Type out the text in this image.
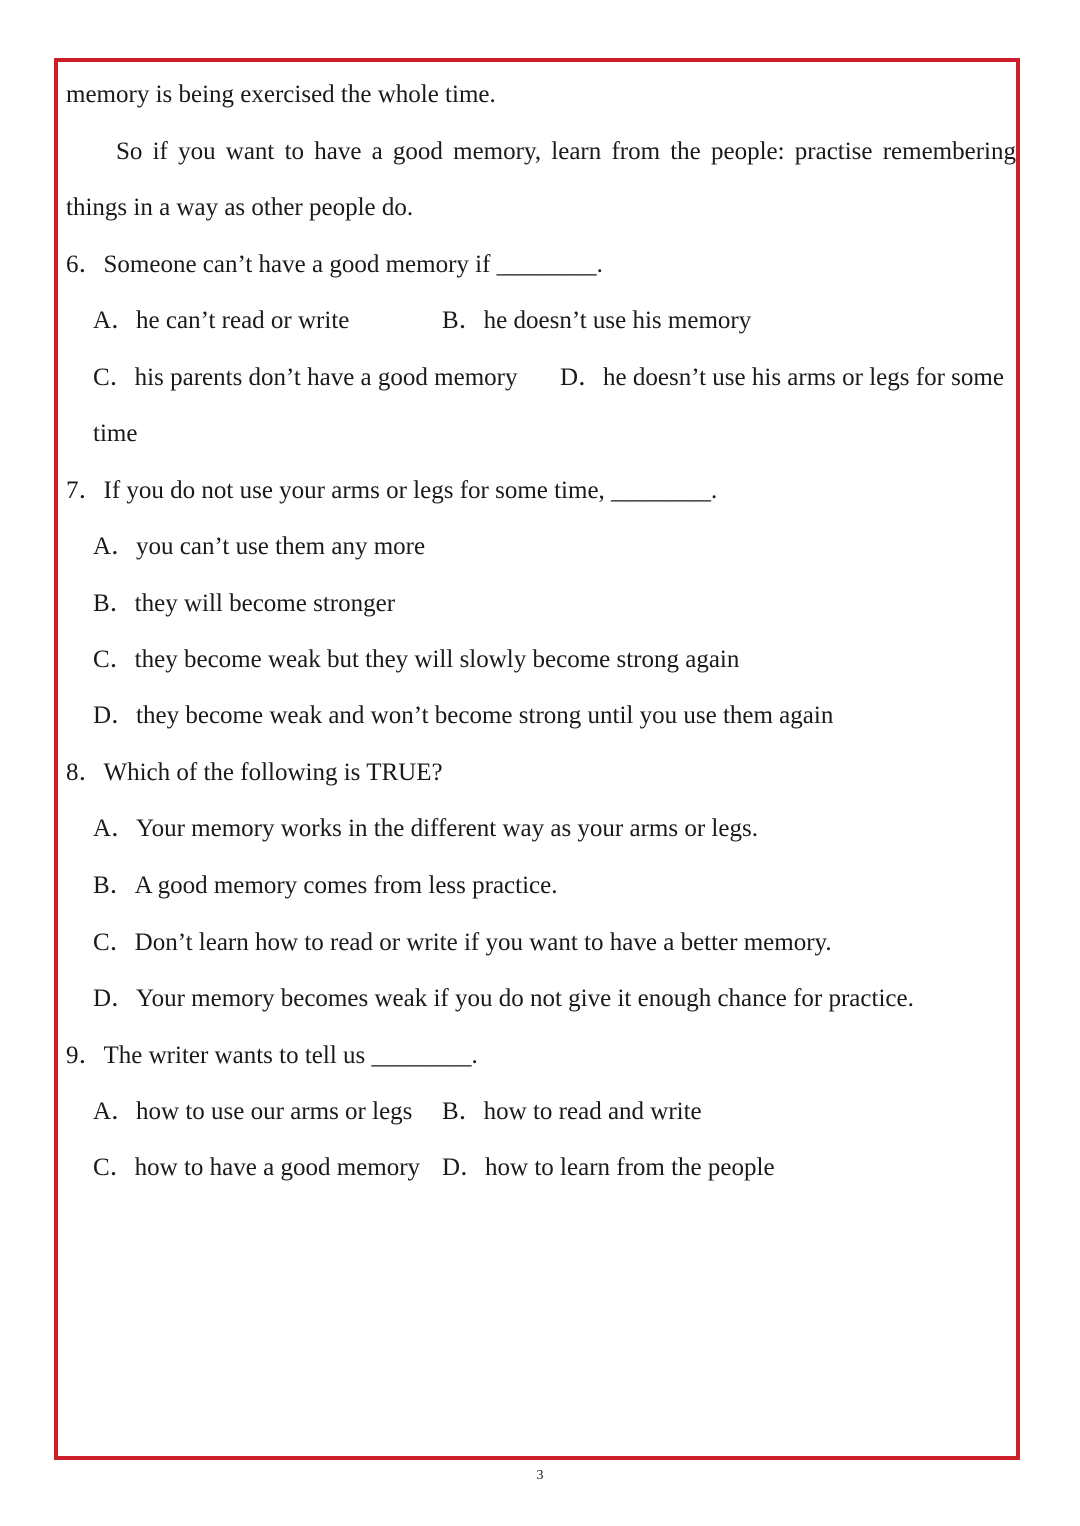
memory is being exercised the whole time.
So if you want to have a good memory, learn from the people: practise remembering
things in a way as other people do.
6．Someone can’t have a good memory if ________.
A．he can’t read or write	B．he doesn’t use his memory
C．his parents don’t have a good memory D．he doesn’t use his arms or legs for some
time
7．If you do not use your arms or legs for some time, ________.
A．you can’t use them any more
B．they will become stronger
C．they become weak but they will slowly become strong again
D．they become weak and won’t become strong until you use them again
8．Which of the following is TRUE?
A．Your memory works in the different way as your arms or legs.
B．A good memory comes from less practice.
C．Don’t learn how to read or write if you want to have a better memory.
D．Your memory becomes weak if you do not give it enough chance for practice.
9．The writer wants to tell us ________.
A．how to use our arms or legs B．how to read and write
C．how to have a good memory D．how to learn from the people
3
